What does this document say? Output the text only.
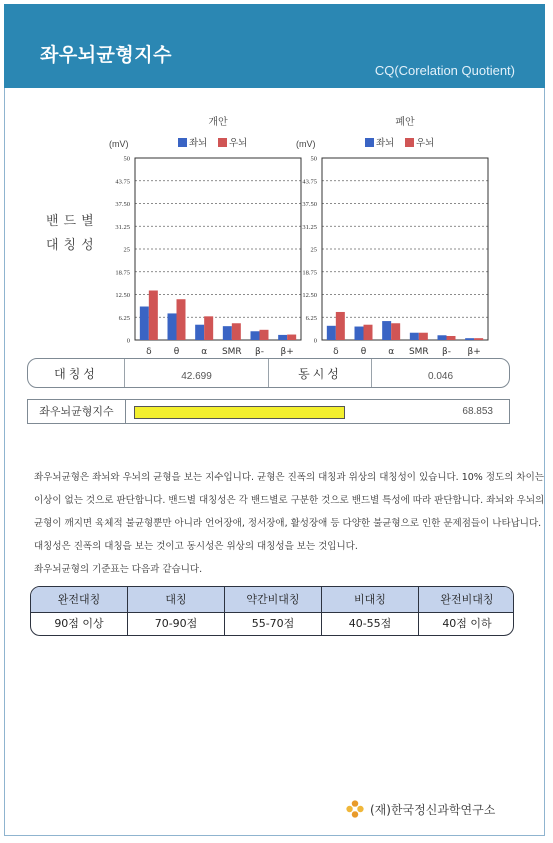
좌우뇌균형지수
CQ(Corelation Quotient)
밴드별
대칭성
개안
(mV)	좌뇌 우뇌
50
43.75
37.50
31.25
25
18.75
12.50
6.25
0
δ θ α SMR β- β+
폐안
(mV)	좌뇌 우뇌
50
43.75
37.50
31.25
25
18.75
12.50
6.25
0
δ θ α SMR β- β+
대칭성	42.699	동시성	0.046
좌우뇌균형지수	68.853

좌우뇌균형은 좌뇌와 우뇌의 균형을 보는 지수입니다. 균형은 진폭의 대칭과 위상의 대칭성이 있습니다. 10% 정도의 차이는

이상이 없는 것으로 판단합니다. 밴드별 대칭성은 각 밴드별로 구분한 것으로 밴드별 특성에 따라 판단합니다. 좌뇌와 우뇌의

균형이 깨지면 육체적 불균형뿐만 아니라 언어장애, 정서장애, 활성장애 등 다양한 불균형으로 인한 문제점들이 나타납니다.

대칭성은 진폭의 대칭을 보는 것이고 동시성은 위상의 대칭성을 보는 것입니다.

좌우뇌균형의 기준표는 다음과 같습니다.

완전대칭	대칭	약간비대칭	비대칭	완전비대칭
90점 이상	70-90점	55-70점	40-55점	40점 이하
(재)한국정신과학연구소
